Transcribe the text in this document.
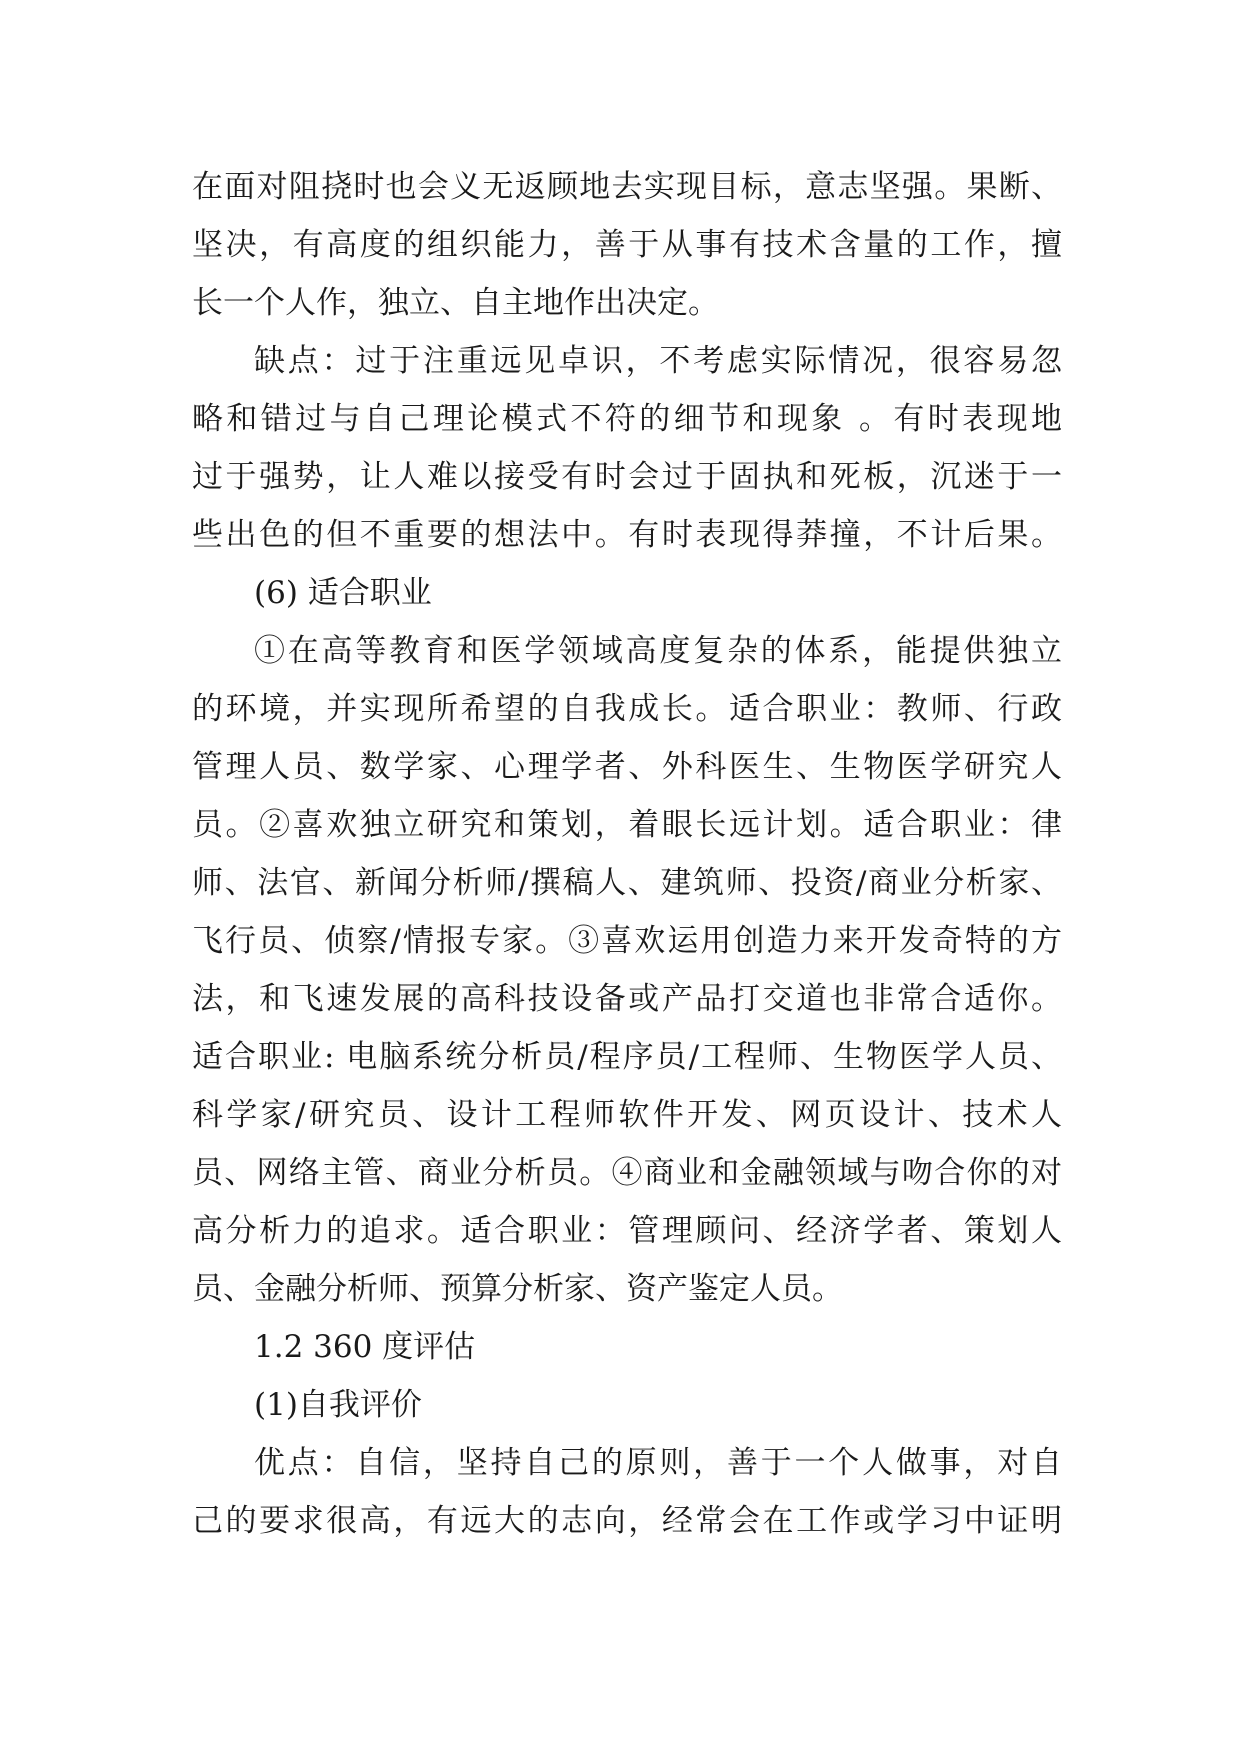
在面对阻挠时也会义无返顾地去实现目标，意志坚强。果断、
坚决，有高度的组织能力，善于从事有技术含量的工作，擅
长一个人作，独立、自主地作出决定。
缺点：过于注重远见卓识，不考虑实际情况，很容易忽
略和错过与自己理论模式不符的细节和现象 。有时表现地
过于强势，让人难以接受有时会过于固执和死板，沉迷于一
些出色的但不重要的想法中。有时表现得莽撞，不计后果。
(6) 适合职业
①在高等教育和医学领域高度复杂的体系，能提供独立
的环境，并实现所希望的自我成长。适合职业：教师、行政
管理人员、数学家、心理学者、外科医生、生物医学研究人
员。②喜欢独立研究和策划，着眼长远计划。适合职业：律
师、法官、新闻分析师/撰稿人、建筑师、投资/商业分析家、
飞行员、侦察/情报专家。③喜欢运用创造力来开发奇特的方
法，和飞速发展的高科技设备或产品打交道也非常合适你。
适合职业: 电脑系统分析员/程序员/工程师、生物医学人员、
科学家/研究员、设计工程师软件开发、网页设计、技术人
员、网络主管、商业分析员。④商业和金融领域与吻合你的对
高分析力的追求。适合职业：管理顾问、经济学者、策划人
员、金融分析师、预算分析家、资产鉴定人员。
1.2 360 度评估
(1)自我评价
优点：自信，坚持自己的原则，善于一个人做事，对自
己的要求很高，有远大的志向，经常会在工作或学习中证明
